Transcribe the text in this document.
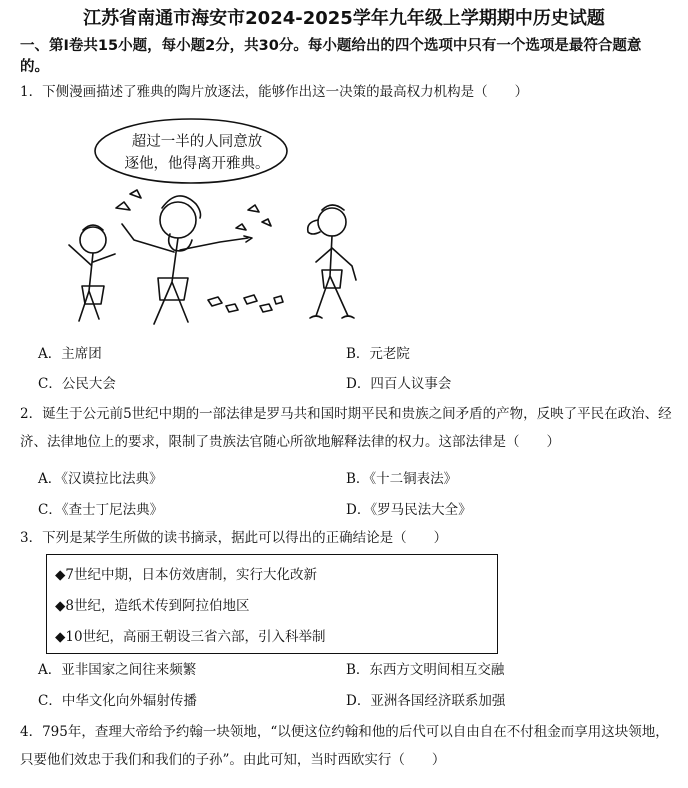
江苏省南通市海安市2024-2025学年九年级上学期期中历史试题
一、第Ⅰ卷共15小题，每小题2分，共30分。每小题给出的四个选项中只有一个选项是最符合题意的。
1．下侧漫画描述了雅典的陶片放逐法，能够作出这一决策的最高权力机构是（　　）
超过一半的人同意放
逐他，他得离开雅典。
A．主席团	B．元老院
C．公民大会	D．四百人议事会
2．诞生于公元前5世纪中期的一部法律是罗马共和国时期平民和贵族之间矛盾的产物，反映了平民在政治、经济、法律地位上的要求，限制了贵族法官随心所欲地解释法律的权力。这部法律是（　　）
A．《汉谟拉比法典》	B．《十二铜表法》
C．《查士丁尼法典》	D．《罗马民法大全》
3．下列是某学生所做的读书摘录，据此可以得出的正确结论是（　　）
◆7世纪中期，日本仿效唐制，实行大化改新
◆8世纪，造纸术传到阿拉伯地区
◆10世纪，高丽王朝设三省六部，引入科举制
A．亚非国家之间往来频繁	B．东西方文明间相互交融
C．中华文化向外辐射传播	D．亚洲各国经济联系加强
4．795年，查理大帝给予约翰一块领地，“以便这位约翰和他的后代可以自由自在不付租金而享用这块领地，只要他们效忠于我们和我们的子孙”。由此可知，当时西欧实行（　　）
